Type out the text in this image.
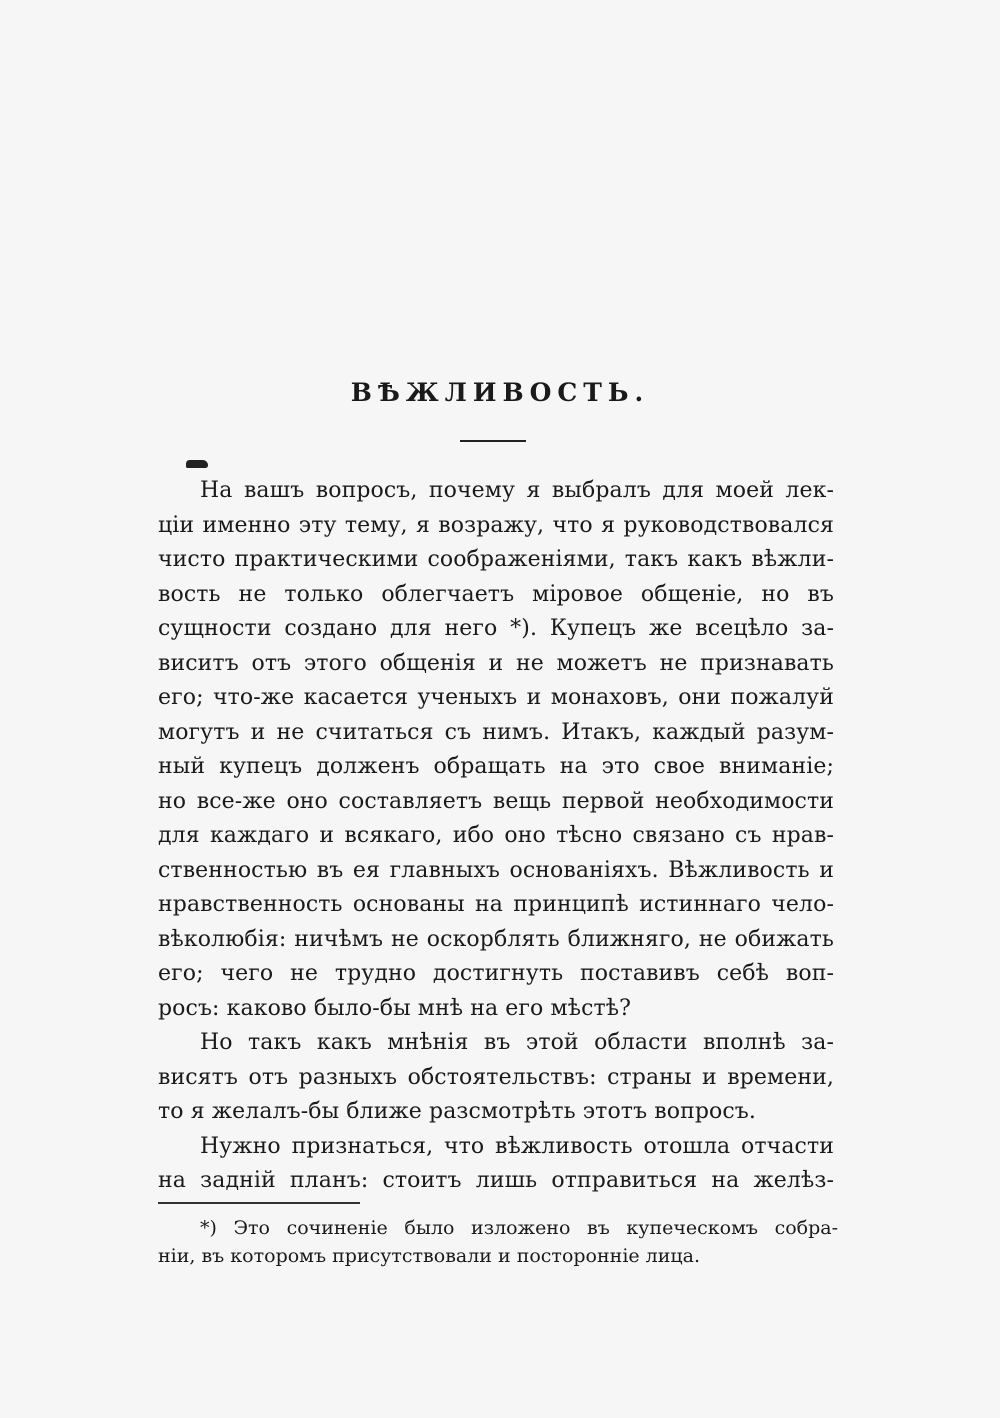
ВѢЖЛИВОСТЬ.
На вашъ вопросъ, почему я выбралъ для моей лек-
ціи именно эту тему, я возражу, что я руководствовался
чисто практическими соображеніями, такъ какъ вѣжли-
вость не только облегчаетъ міровое общеніе, но въ
сущности создано для него *). Купецъ же всецѣло за-
виситъ отъ этого общенія и не можетъ не признавать
его; что-же касается ученыхъ и монаховъ, они пожалуй
могутъ и не считаться съ нимъ. Итакъ, каждый разум-
ный купецъ долженъ обращать на это свое вниманіе;
но все-же оно составляетъ вещь первой необходимости
для каждаго и всякаго, ибо оно тѣсно связано съ нрав-
ственностью въ ея главныхъ основаніяхъ. Вѣжливость и
нравственность основаны на принципѣ истиннаго чело-
вѣколюбія: ничѣмъ не оскорблять ближняго, не обижать
его; чего не трудно достигнуть поставивъ себѣ воп-
росъ: каково было-бы мнѣ на его мѣстѣ?
Но такъ какъ мнѣнія въ этой области вполнѣ за-
висятъ отъ разныхъ обстоятельствъ: страны и времени,
то я желалъ-бы ближе разсмотрѣть этотъ вопросъ.
Нужно признаться, что вѣжливость отошла отчасти
на задній планъ: стоитъ лишь отправиться на желѣз-
*) Это сочиненіе было изложено въ купеческомъ собра-
ніи, въ которомъ присутствовали и посторонніе лица.
